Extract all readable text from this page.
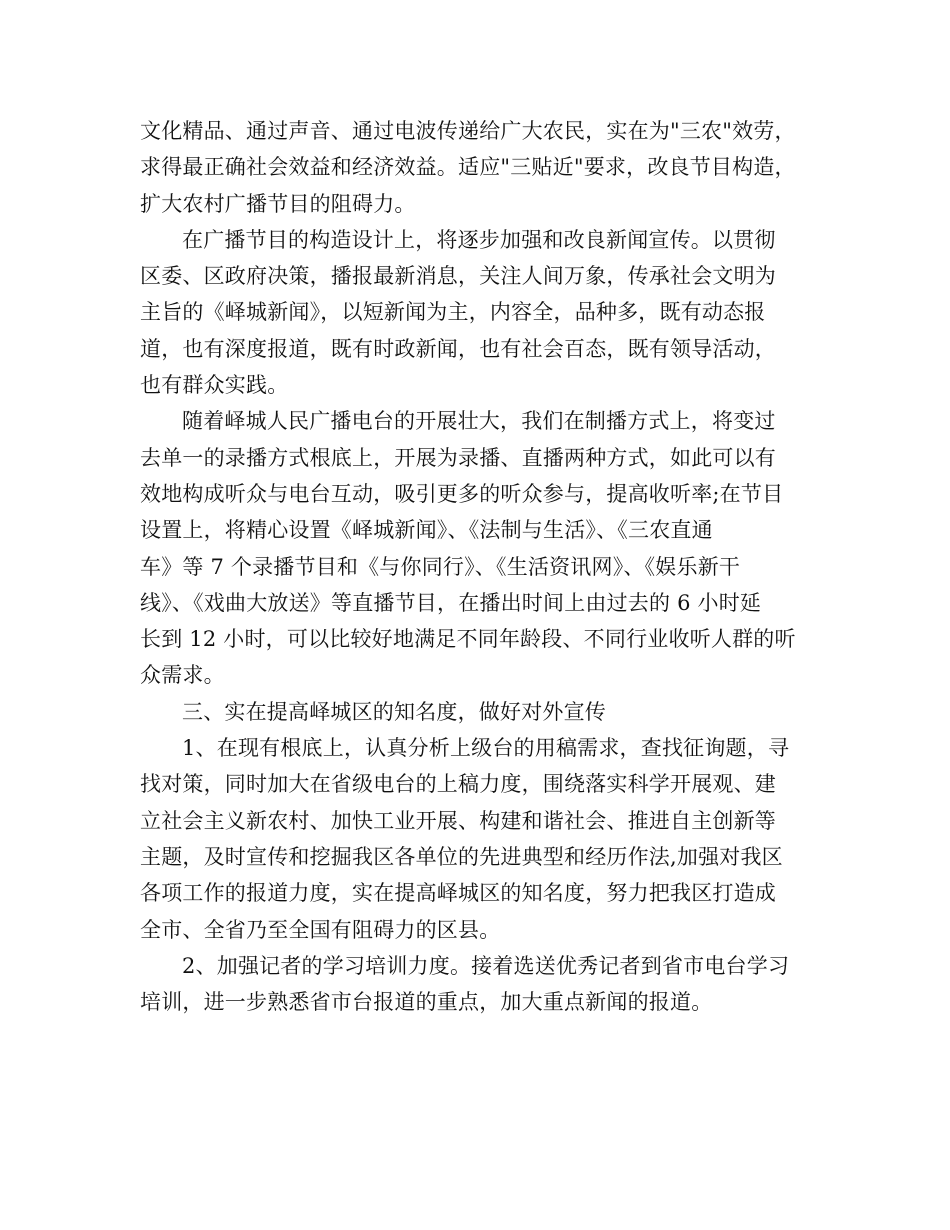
文化精品、通过声音、通过电波传递给广大农民，实在为"三农"效劳，
求得最正确社会效益和经济效益。适应"三贴近"要求，改良节目构造，
扩大农村广播节目的阻碍力。

在广播节目的构造设计上，将逐步加强和改良新闻宣传。以贯彻
区委、区政府决策，播报最新消息，关注人间万象，传承社会文明为
主旨的《峄城新闻》，以短新闻为主，内容全，品种多，既有动态报
道，也有深度报道，既有时政新闻，也有社会百态，既有领导活动，
也有群众实践。

随着峄城人民广播电台的开展壮大，我们在制播方式上，将变过
去单一的录播方式根底上，开展为录播、直播两种方式，如此可以有
效地构成听众与电台互动，吸引更多的听众参与，提高收听率;在节目
设置上，将精心设置《峄城新闻》、《法制与生活》、《三农直通
车》等 7 个录播节目和《与你同行》、《生活资讯网》、《娱乐新干
线》、《戏曲大放送》等直播节目，在播出时间上由过去的 6 小时延
长到 12 小时，可以比较好地满足不同年龄段、不同行业收听人群的听
众需求。

三、实在提高峄城区的知名度，做好对外宣传

1、在现有根底上，认真分析上级台的用稿需求，查找征询题，寻
找对策，同时加大在省级电台的上稿力度，围绕落实科学开展观、建
立社会主义新农村、加快工业开展、构建和谐社会、推进自主创新等
主题，及时宣传和挖掘我区各单位的先进典型和经历作法,加强对我区
各项工作的报道力度，实在提高峄城区的知名度，努力把我区打造成
全市、全省乃至全国有阻碍力的区县。

2、加强记者的学习培训力度。接着选送优秀记者到省市电台学习
培训，进一步熟悉省市台报道的重点，加大重点新闻的报道。
